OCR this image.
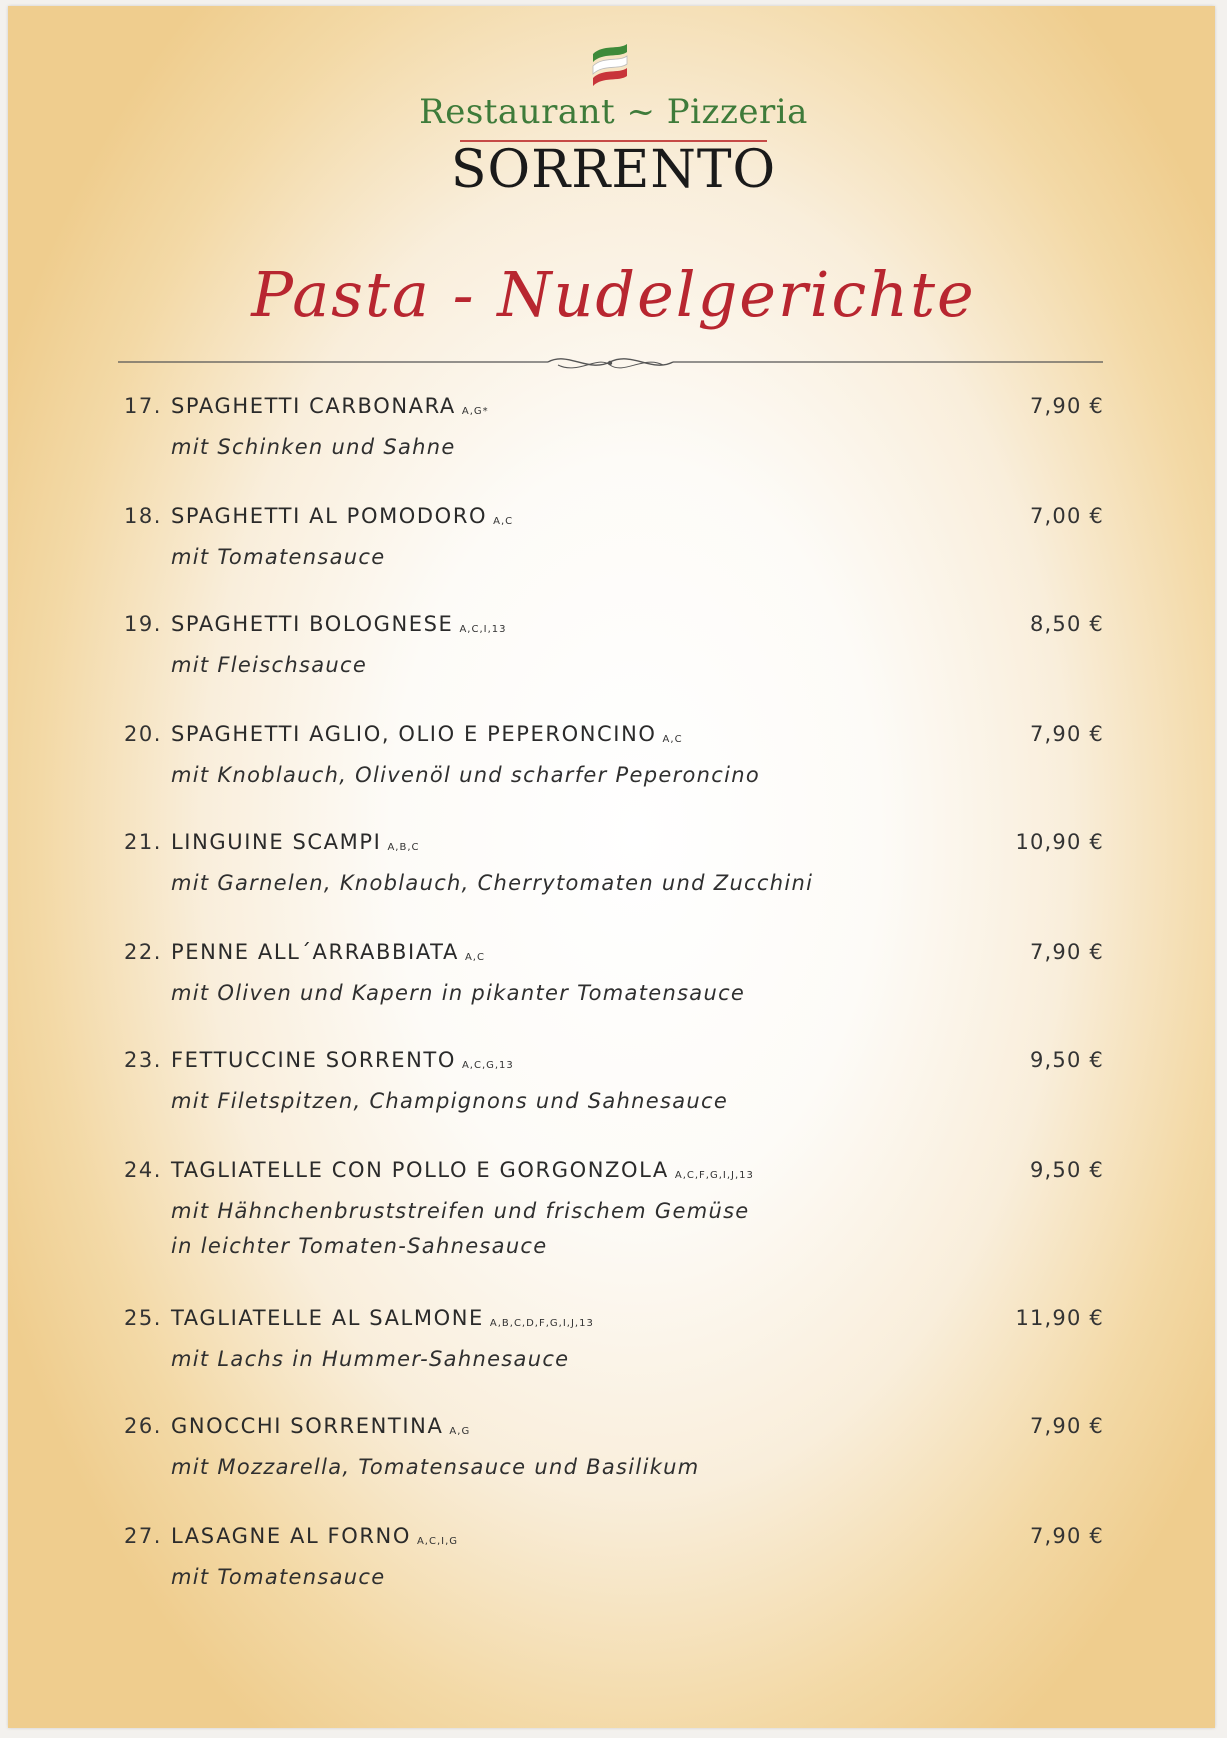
Restaurant ~ Pizzeria
SORRENTO
Pasta - Nudelgerichte
17. SPAGHETTI CARBONARA A,G*
mit Schinken und Sahne
7,90 €
18. SPAGHETTI AL POMODORO A,C
mit Tomatensauce
7,00 €
19. SPAGHETTI BOLOGNESE A,C,I,13
mit Fleischsauce
8,50 €
20. SPAGHETTI AGLIO, OLIO E PEPERONCINO A,C
mit Knoblauch, Olivenöl und scharfer Peperoncino
7,90 €
21. LINGUINE SCAMPI A,B,C
mit Garnelen, Knoblauch, Cherrytomaten und Zucchini
10,90 €
22. PENNE ALL´ARRABBIATA A,C
mit Oliven und Kapern in pikanter Tomatensauce
7,90 €
23. FETTUCCINE SORRENTO A,C,G,13
mit Filetspitzen, Champignons und Sahnesauce
9,50 €
24. TAGLIATELLE CON POLLO E GORGONZOLA A,C,F,G,I,J,13
mit Hähnchenbruststreifen und frischem Gemüse
in leichter Tomaten-Sahnesauce
9,50 €
25. TAGLIATELLE AL SALMONE A,B,C,D,F,G,I,J,13
mit Lachs in Hummer-Sahnesauce
11,90 €
26. GNOCCHI SORRENTINA A,G
mit Mozzarella, Tomatensauce und Basilikum
7,90 €
27. LASAGNE AL FORNO A,C,I,G
mit Tomatensauce
7,90 €
